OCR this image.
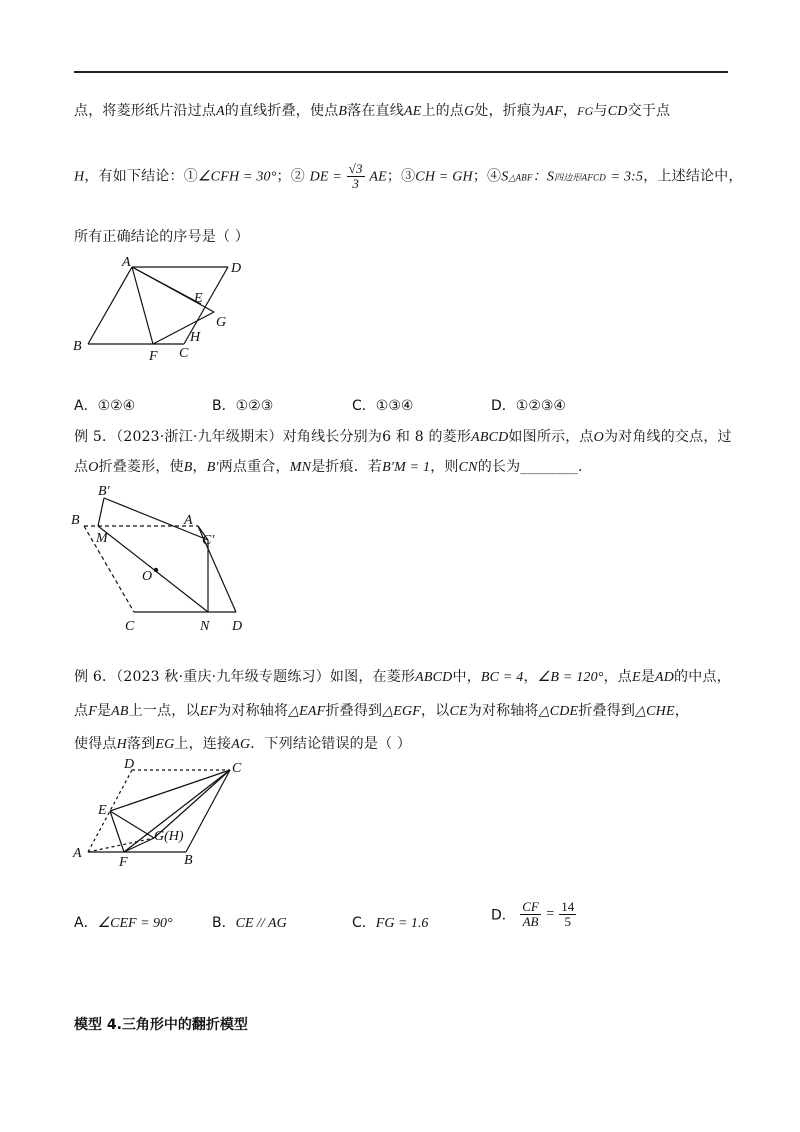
点，将菱形纸片沿过点A的直线折叠，使点B落在直线AE上的点G处，折痕为AF，FG与CD交于点
H，有如下结论：①∠CFH = 30°；② DE = $\frac{√3}{3}$ AE；③CH = GH；④S△ABF：S四边形AFCD = 3:5，上述结论中，
所有正确结论的序号是（ ）
A	D
E
G
H
B
F C
A．①②④	B．①②③	C．①③④	D．①②③④
例 5．（2023·浙江·九年级期末）对角线长分别为6 和 8 的菱形ABCD如图所示，点O为对角线的交点，过
点O折叠菱形，使B，B′两点重合，MN是折痕．若B′M = 1，则CN的长为________.
B′
B	A
M	C′
O
C	N D
例 6．（2023 秋·重庆·九年级专题练习）如图，在菱形ABCD中，BC = 4，∠B = 120°，点E是AD的中点，
点F是AB上一点，以EF为对称轴将△EAF折叠得到△EGF，以CE为对称轴将△CDE折叠得到△CHE，
使得点H落到EG上，连接AG．下列结论错误的是（ ）
D	C
E
G(H)
A
F	B
A．∠CEF = 90°	B．CE // AG	C．FG = 1.6	D． $\frac{CF}{AB} = \frac{14}{5}$
模型 4.三角形中的翻折模型
